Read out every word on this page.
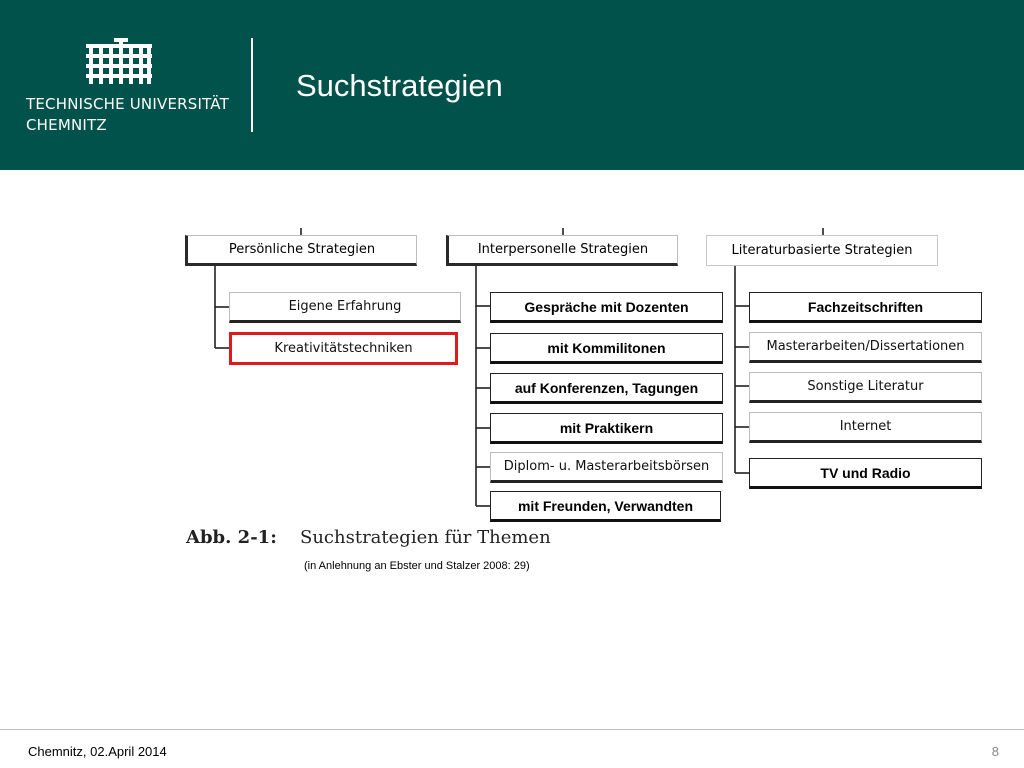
TECHNISCHE UNIVERSITÄT
CHEMNITZ
Suchstrategien
Persönliche Strategien	Interpersonelle Strategien	Literaturbasierte Strategien
Eigene Erfahrung
Kreativitätstechniken
Gespräche mit Dozenten
mit Kommilitonen
auf Konferenzen, Tagungen
mit Praktikern
Diplom- u. Masterarbeitsbörsen
mit Freunden, Verwandten
Fachzeitschriften
Masterarbeiten/Dissertationen
Sonstige Literatur
Internet
TV und Radio
Abb. 2-1: Suchstrategien für Themen
(in Anlehnung an Ebster und Stalzer 2008: 29)
Chemnitz, 02.April 2014	8
